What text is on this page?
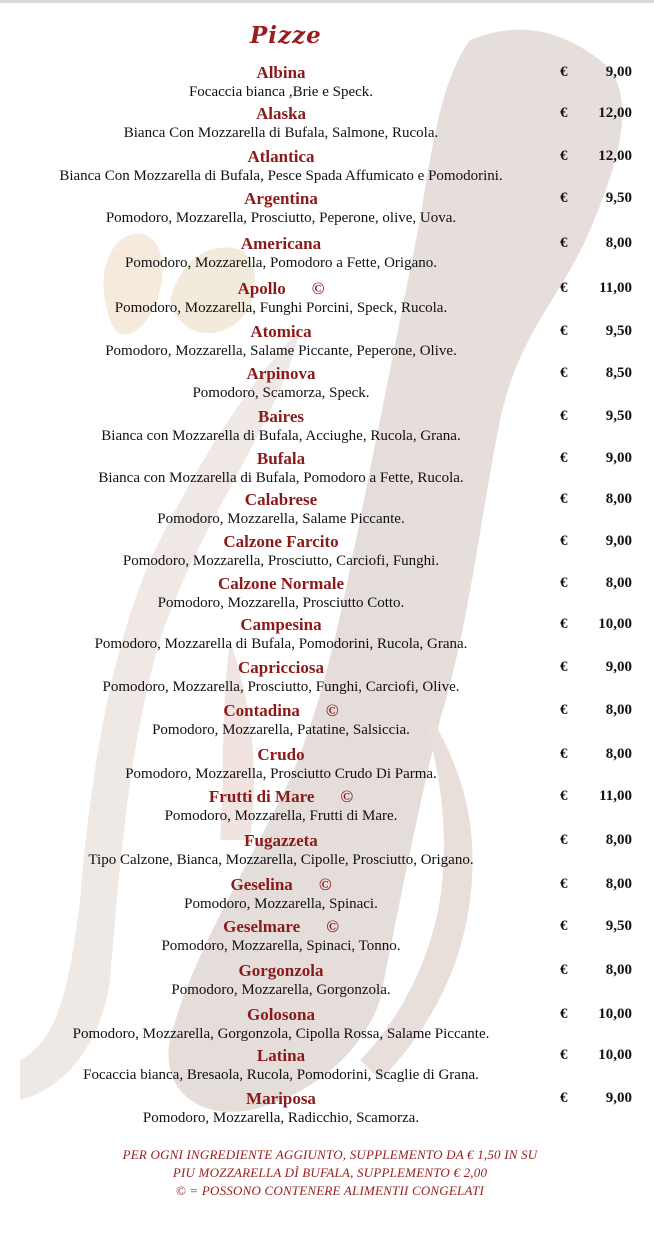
Pizze
Albina
Focaccia bianca ,Brie e Speck.
€	9,00
Alaska
Bianca Con Mozzarella di Bufala, Salmone, Rucola.
€	12,00
Atlantica
Bianca Con Mozzarella di Bufala, Pesce Spada Affumicato e Pomodorini.
€	12,00
Argentina
Pomodoro, Mozzarella, Prosciutto, Peperone, olive, Uova.
€	9,50
Americana
Pomodoro, Mozzarella, Pomodoro a Fette, Origano.
€	8,00
Apollo ©
Pomodoro, Mozzarella, Funghi Porcini, Speck, Rucola.
€	11,00
Atomica
Pomodoro, Mozzarella, Salame Piccante, Peperone, Olive.
€	9,50
Arpinova
Pomodoro, Scamorza, Speck.
€	8,50
Baires
Bianca con Mozzarella di Bufala, Acciughe, Rucola, Grana.
€	9,50
Bufala
Bianca con Mozzarella di Bufala, Pomodoro a Fette, Rucola.
€	9,00
Calabrese
Pomodoro, Mozzarella, Salame Piccante.
€	8,00
Calzone Farcito
Pomodoro, Mozzarella, Prosciutto, Carciofi, Funghi.
€	9,00
Calzone Normale
Pomodoro, Mozzarella, Prosciutto Cotto.
€	8,00
Campesina
Pomodoro, Mozzarella di Bufala, Pomodorini, Rucola, Grana.
€	10,00
Capricciosa
Pomodoro, Mozzarella, Prosciutto, Funghi, Carciofi, Olive.
€	9,00
Contadina ©
Pomodoro, Mozzarella, Patatine, Salsiccia.
€	8,00
Crudo
Pomodoro, Mozzarella, Prosciutto Crudo Di Parma.
€	8,00
Frutti di Mare ©
Pomodoro, Mozzarella, Frutti di Mare.
€	11,00
Fugazzeta
Tipo Calzone, Bianca, Mozzarella, Cipolle, Prosciutto, Origano.
€	8,00
Geselina ©
Pomodoro, Mozzarella, Spinaci.
€	8,00
Geselmare ©
Pomodoro, Mozzarella, Spinaci, Tonno.
€	9,50
Gorgonzola
Pomodoro, Mozzarella, Gorgonzola.
€	8,00
Golosona
Pomodoro, Mozzarella, Gorgonzola, Cipolla Rossa, Salame Piccante.
€	10,00
Latina
Focaccia bianca, Bresaola, Rucola, Pomodorini, Scaglie di Grana.
€	10,00
Mariposa
Pomodoro, Mozzarella, Radicchio, Scamorza.
€	9,00
PER OGNI INGREDIENTE AGGIUNTO, SUPPLEMENTO DA € 1,50 IN SU
PIU MOZZARELLA DÌ BUFALA, SUPPLEMENTO € 2,00
© = POSSONO CONTENERE ALIMENTII CONGELATI
